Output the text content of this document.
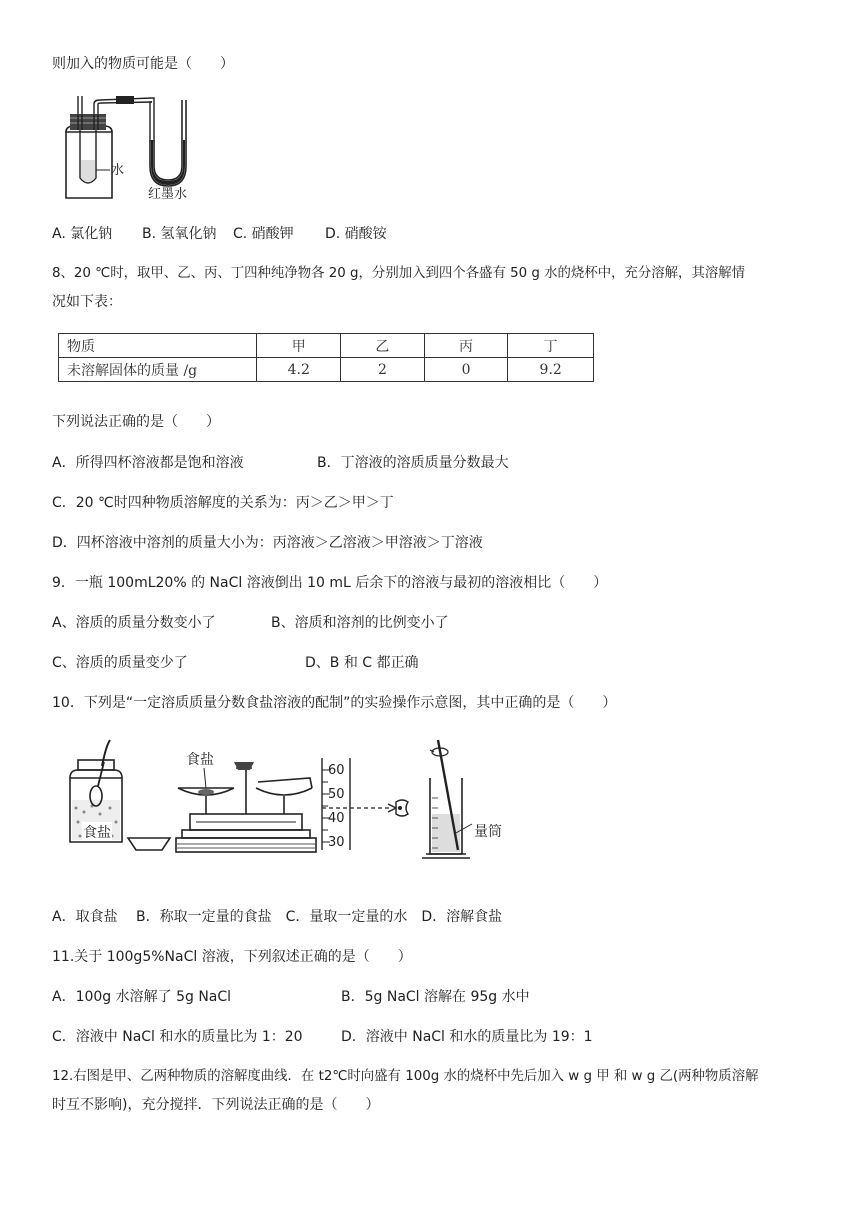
则加入的物质可能是（　　）
水
红墨水
A. 氯化钠 B. 氢氧化钠 C. 硝酸钾 D. 硝酸铵
8、20 ℃时，取甲、乙、丙、丁四种纯净物各 20 g，分别加入到四个各盛有 50 g 水的烧杯中，充分溶解，其溶解情
况如下表：
物质	甲	乙	丙	丁
未溶解固体的质量 /g	4.2	2	0	9.2
下列说法正确的是（　　）
A．所得四杯溶液都是饱和溶液	B．丁溶液的溶质质量分数最大
C．20 ℃时四种物质溶解度的关系为：丙＞乙＞甲＞丁
D．四杯溶液中溶剂的质量大小为：丙溶液＞乙溶液＞甲溶液＞丁溶液
9．一瓶 100mL20% 的 NaCl 溶液倒出 10 mL 后余下的溶液与最初的溶液相比（　　）
A、溶质的质量分数变小了	B、溶质和溶剂的比例变小了
C、溶质的质量变少了	D、B 和 C 都正确
10．下列是“一定溶质质量分数食盐溶液的配制”的实验操作示意图，其中正确的是（　　）
食盐
食盐
60
50
40
30
量筒
A．取食盐　 B．称取一定量的食盐　C．量取一定量的水　D．溶解食盐
11.关于 100g5%NaCl 溶液，下列叙述正确的是（　　）
A．100g 水溶解了 5g NaCl	B．5g NaCl 溶解在 95g 水中
C．溶液中 NaCl 和水的质量比为 1：20	D．溶液中 NaCl 和水的质量比为 19：1
12.右图是甲、乙两种物质的溶解度曲线．在 t2℃时向盛有 100g 水的烧杯中先后加入 w g 甲 和 w g 乙(两种物质溶解
时互不影响)，充分搅拌．下列说法正确的是（　　）
